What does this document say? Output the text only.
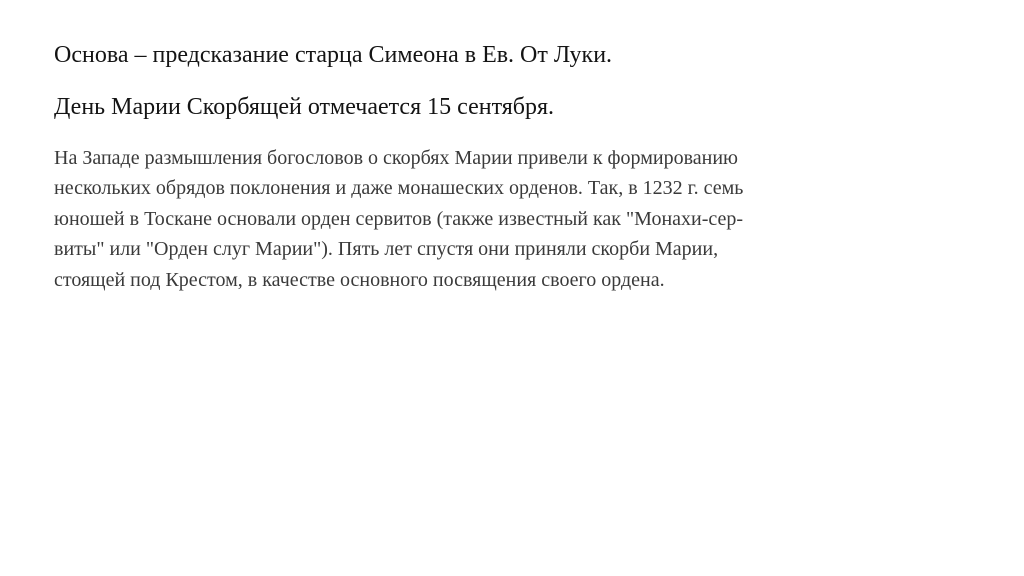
Основа – предсказание старца Симеона в Ев. От Луки.
День Марии Скорбящей отмечается 15 сентября.

На Западе размышления богословов о скорбях Марии привели к формированию
нескольких обрядов поклонения и даже монашеских орденов. Так, в 1232 г. семь
юношей в Тоскане основали орден сервитов (также известный как "Монахи-сер-
виты" или "Орден слуг Марии"). Пять лет спустя они приняли скорби Марии,
стоящей под Крестом, в качестве основного посвящения своего ордена.
